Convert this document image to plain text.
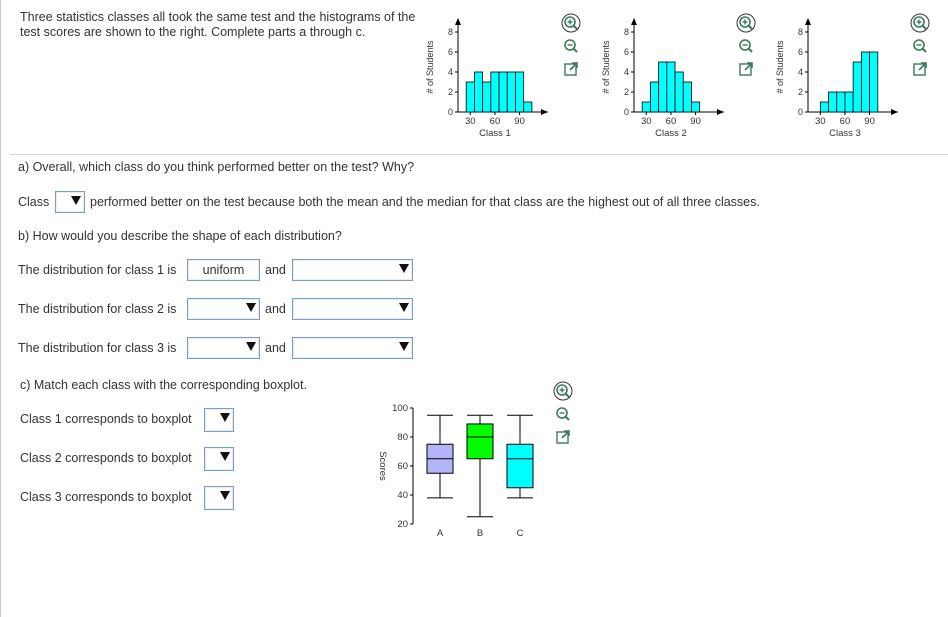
Three statistics classes all took the same test and the histograms of the test scores are shown to the right. Complete parts a through c.
0
2
4
6
8
# of Students
30 60 90
Class 1
0
2
4
6
8
# of Students
30 60 90
Class 2
0
2
4
6
8
# of Students
30 60 90
Class 3
a) Overall, which class do you think performed better on the test? Why?
Class	performed better on the test because both the mean and the median for that class are the highest out of all three classes.
b) How would you describe the shape of each distribution?
The distribution for class 1 is	uniform	and
The distribution for class 2 is	and
The distribution for class 3 is	and
c) Match each class with the corresponding boxplot.
Class 1 corresponds to boxplot
Class 2 corresponds to boxplot
Class 3 corresponds to boxplot
20
40
60
80
100
Scores
A	B	C
